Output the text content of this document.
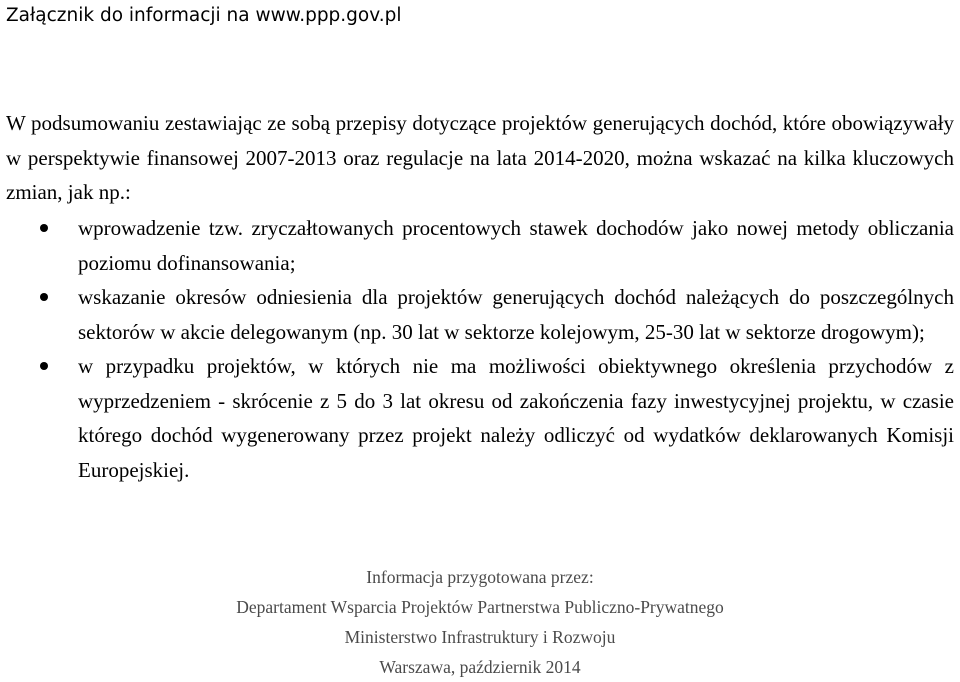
Załącznik do informacji na www.ppp.gov.pl

W podsumowaniu zestawiając ze sobą przepisy dotyczące projektów generujących dochód, które obowiązywały w perspektywie finansowej 2007-2013 oraz regulacje na lata 2014-2020, można wskazać na kilka kluczowych zmian, jak np.:

wprowadzenie tzw. zryczałtowanych procentowych stawek dochodów jako nowej metody obliczania poziomu dofinansowania;
wskazanie okresów odniesienia dla projektów generujących dochód należących do poszczególnych sektorów w akcie delegowanym (np. 30 lat w sektorze kolejowym, 25-30 lat w sektorze drogowym);
w przypadku projektów, w których nie ma możliwości obiektywnego określenia przychodów z wyprzedzeniem - skrócenie z 5 do 3 lat okresu od zakończenia fazy inwestycyjnej projektu, w czasie którego dochód wygenerowany przez projekt należy odliczyć od wydatków deklarowanych Komisji Europejskiej.
Informacja przygotowana przez:
Departament Wsparcia Projektów Partnerstwa Publiczno-Prywatnego
Ministerstwo Infrastruktury i Rozwoju
Warszawa, październik 2014
